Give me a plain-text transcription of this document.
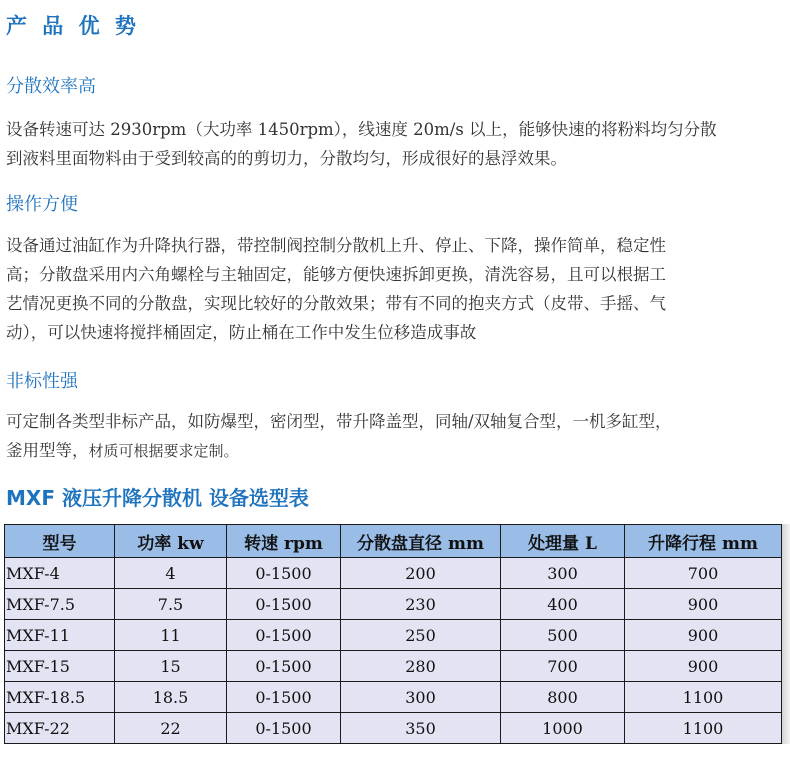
产 品 优 势
分散效率高
设备转速可达 2930rpm（大功率 1450rpm），线速度 20m/s 以上，能够快速的将粉料均匀分散
到液料里面物料由于受到较高的的剪切力，分散均匀，形成很好的悬浮效果。
操作方便
设备通过油缸作为升降执行器，带控制阀控制分散机上升、停止、下降，操作简单，稳定性
高；分散盘采用内六角螺栓与主轴固定，能够方便快速拆卸更换，清洗容易，且可以根据工
艺情况更换不同的分散盘，实现比较好的分散效果；带有不同的抱夹方式（皮带、手摇、气
动），可以快速将搅拌桶固定，防止桶在工作中发生位移造成事故
非标性强
可定制各类型非标产品，如防爆型，密闭型，带升降盖型，同轴/双轴复合型，一机多缸型，
釜用型等，材质可根据要求定制。
MXF 液压升降分散机 设备选型表
型号	功率 kw	转速 rpm	分散盘直径 mm	处理量 L	升降行程 mm
MXF-4	4	0-1500	200	300	700
MXF-7.5	7.5	0-1500	230	400	900
MXF-11	11	0-1500	250	500	900
MXF-15	15	0-1500	280	700	900
MXF-18.5	18.5	0-1500	300	800	1100
MXF-22	22	0-1500	350	1000	1100
